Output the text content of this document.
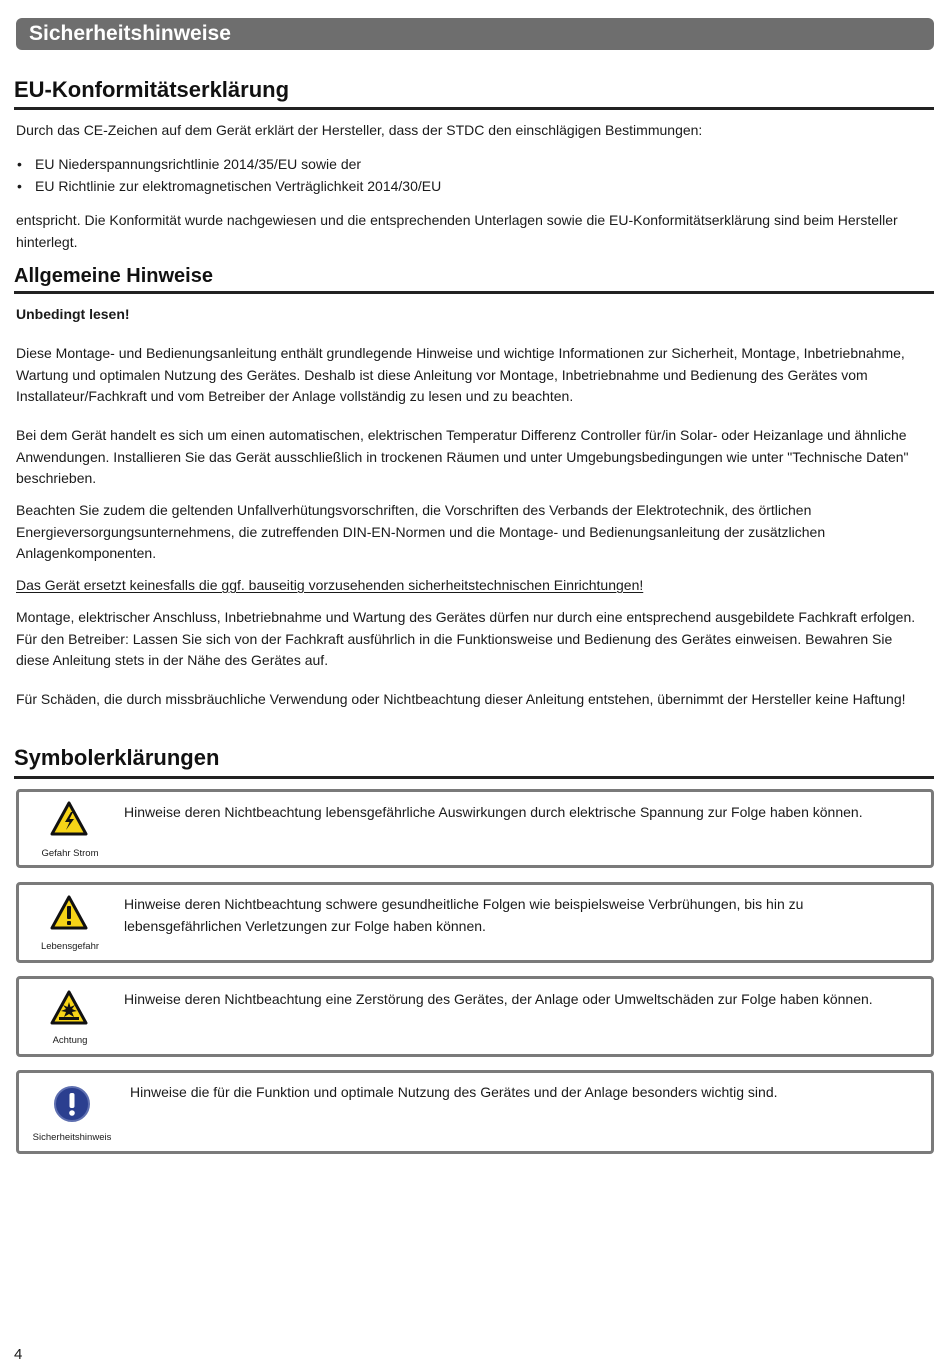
Sicherheitshinweise
EU-Konformitätserklärung

Durch das CE-Zeichen auf dem Gerät erklärt der Hersteller, dass der STDC den einschlägigen Bestimmungen:

• EU Niederspannungsrichtlinie 2014/35/EU sowie der
• EU Richtlinie zur elektromagnetischen Verträglichkeit 2014/30/EU

entspricht. Die Konformität wurde nachgewiesen und die entsprechenden Unterlagen sowie die EU-Konformitätserklärung sind beim Hersteller hinterlegt.

Allgemeine Hinweise

Unbedingt lesen!

Diese Montage- und Bedienungsanleitung enthält grundlegende Hinweise und wichtige Informationen zur Sicherheit, Montage, Inbetriebnahme, Wartung und optimalen Nutzung des Gerätes. Deshalb ist diese Anleitung vor Montage, Inbetriebnahme und Bedienung des Gerätes vom Installateur/Fachkraft und vom Betreiber der Anlage vollständig zu lesen und zu beachten.

Bei dem Gerät handelt es sich um einen automatischen, elektrischen Temperatur Differenz Controller für/in Solar- oder Heizanlage und ähnliche Anwendungen. Installieren Sie das Gerät ausschließlich in trockenen Räumen und unter Umgebungsbedingungen wie unter "Technische Daten" beschrieben.

Beachten Sie zudem die geltenden Unfallverhütungsvorschriften, die Vorschriften des Verbands der Elektrotechnik, des örtlichen Energieversorgungsunternehmens, die zutreffenden DIN-EN-Normen und die Montage- und Bedienungsanleitung der zusätzlichen Anlagenkomponenten.

Das Gerät ersetzt keinesfalls die ggf. bauseitig vorzusehenden sicherheitstechnischen Einrichtungen!

Montage, elektrischer Anschluss, Inbetriebnahme und Wartung des Gerätes dürfen nur durch eine entsprechend ausgebildete Fachkraft erfolgen. Für den Betreiber: Lassen Sie sich von der Fachkraft ausführlich in die Funktionsweise und Bedienung des Gerätes einweisen. Bewahren Sie diese Anleitung stets in der Nähe des Gerätes auf.

Für Schäden, die durch missbräuchliche Verwendung oder Nichtbeachtung dieser Anleitung entstehen, übernimmt der Hersteller keine Haftung!

Symbolerklärungen
Gefahr Strom

Hinweise deren Nichtbeachtung lebensgefährliche Auswirkungen durch elektrische Spannung zur Folge haben können.

Lebensgefahr

Hinweise deren Nichtbeachtung schwere gesundheitliche Folgen wie beispielsweise Verbrühungen, bis hin zu lebensgefährlichen Verletzungen zur Folge haben können.

Achtung

Hinweise deren Nichtbeachtung eine Zerstörung des Gerätes, der Anlage oder Umweltschäden zur Folge haben können.

Sicherheitshinweis

Hinweise die für die Funktion und optimale Nutzung des Gerätes und der Anlage besonders wichtig sind.

4
